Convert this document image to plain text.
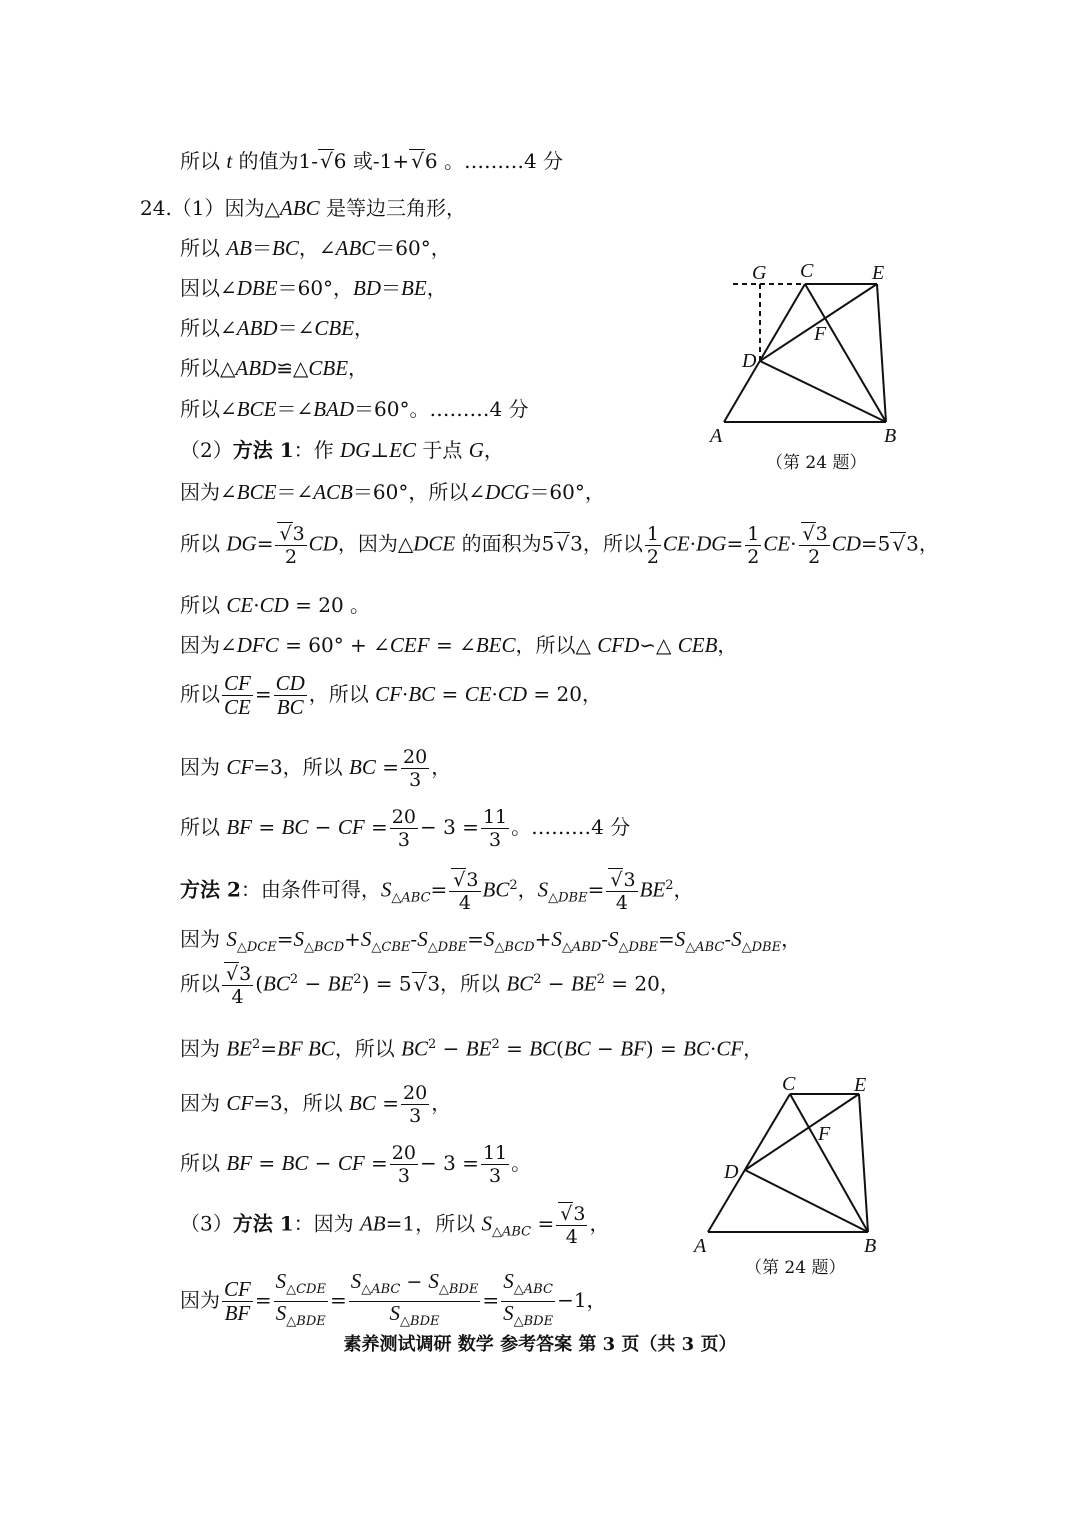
所以 t 的值为1-√ 6 或-1+√ 6 。………4 分
24.（1）因为△ABC 是等边三角形，
所以 AB＝BC，∠ABC＝60°，
因以∠DBE＝60°，BD＝BE，
所以∠ABD＝∠CBE，
所以△ABD≌△CBE，
所以∠BCE＝∠BAD＝60°。………4 分
（2）方法 1：作 DG⊥EC 于点 G，
因为∠BCE＝∠ACB＝60°，所以∠DCG＝60°，
所以 DG=
√ $\frac{3}{2}$ CD，因为△DCE 的面积为5√ 3，所以 $\frac{1}{2} CE\cdot DG= \frac{1}{2} CE\cdot$
√ $\frac{3}{2} CD=5√$ 3，
所以 CE·CD = 20 。
因为∠DFC = 60° + ∠CEF = ∠BEC，所以△ CFD∽△ CEB，
所以 $\frac{CF}{CE} = \frac{CD}{BC}$ ，所以 CF·BC = CE·CD = 20，
因为 CF=3，所以 BC = $\frac{20}{3}$ ，
所以 BF = BC − CF = $\frac{20}{3} - 3 = \frac{11}{3}$ 。………4 分
方法 2：由条件可得，$S_{\triangle ABC}=$
√ $\frac{3}{4} BC^2$，$S_{\triangle DBE}=$
√ $\frac{3}{4} BE^2$，
因为 $S_{\triangle DCE}=S_{\triangle BCD}+S_{\triangle CBE}-S_{\triangle DBE}=S_{\triangle BCD}+S_{\triangle ABD}-S_{\triangle DBE}=S_{\triangle ABC}-S_{\triangle DBE}$，
所以
√ $\frac{3}{4} (BC^2 - BE^2) = 5√$ 3，所以 $BC^2 - BE^2 = 20$，
因为 $BE^2=BF$ BC，所以 $BC^2 - BE^2 = BC(BC - BF) = BC\cdot CF$，
因为 CF=3，所以 BC = $\frac{20}{3}$ ，
所以 BF = BC − CF = $\frac{20}{3} - 3 = \frac{11}{3}$ 。
（3）方法 1：因为 AB=1，所以 $S_{\triangle ABC}$ =
√ $\frac{3}{4}$ ，
因为 $\frac{CF}{BF} = \frac{S_{\triangle CDE}}{S_{\triangle BDE}} = \frac{S_{\triangle ABC} - S_{\triangle BDE}}{S_{\triangle BDE}} = \frac{S_{\triangle ABC}}{S_{\triangle BDE}} -1$，
G C	E
F
D
A	B
（第 24 题）
C	E
F
D
A	B
（第 24 题）
素养测试调研 数学 参考答案 第 3 页（共 3 页）
